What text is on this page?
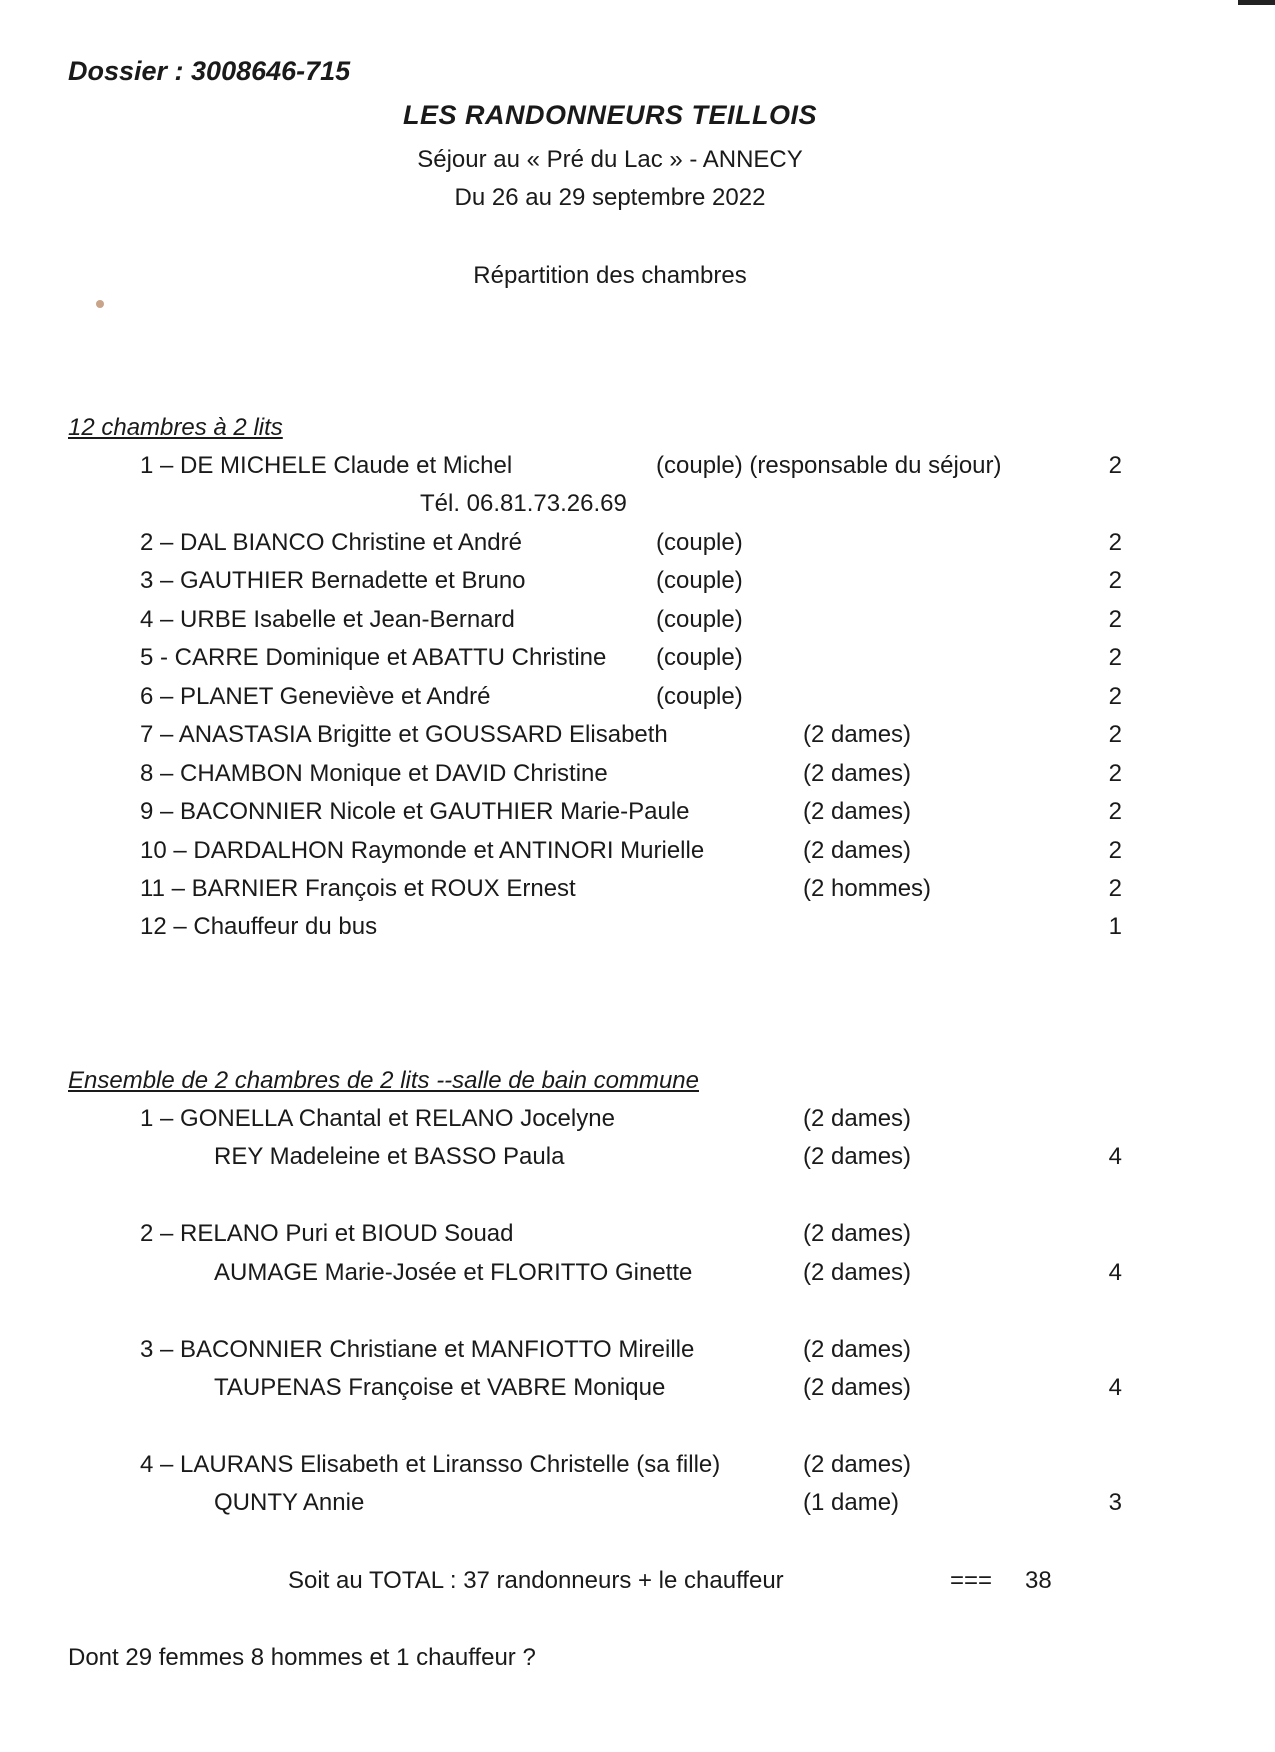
Dossier : 3008646-715
LES RANDONNEURS TEILLOIS
Séjour au « Pré du Lac » - ANNECY
Du 26 au 29 septembre 2022
Répartition des chambres
12 chambres à 2 lits
1 – DE MICHELE Claude et Michel	(couple) (responsable du séjour)	2
Tél. 06.81.73.26.69
2 – DAL BIANCO Christine et André	(couple)	2
3 – GAUTHIER Bernadette et Bruno	(couple)	2
4 – URBE Isabelle et Jean-Bernard	(couple)	2
5 - CARRE Dominique et ABATTU Christine (couple)	2
6 – PLANET Geneviève et André	(couple)	2
7 – ANASTASIA Brigitte et GOUSSARD Elisabeth	(2 dames)	2
8 – CHAMBON Monique et DAVID Christine	(2 dames)	2
9 – BACONNIER Nicole et GAUTHIER Marie-Paule	(2 dames)	2
10 – DARDALHON Raymonde et ANTINORI Murielle	(2 dames)	2
11 – BARNIER François et ROUX Ernest	(2 hommes)	2
12 – Chauffeur du bus	1
Ensemble de 2 chambres de 2 lits --salle de bain commune
1 – GONELLA Chantal et RELANO Jocelyne	(2 dames)
REY Madeleine et BASSO Paula	(2 dames)	4
2 – RELANO Puri et BIOUD Souad	(2 dames)
AUMAGE Marie-Josée et FLORITTO Ginette	(2 dames)	4
3 – BACONNIER Christiane et MANFIOTTO Mireille	(2 dames)
TAUPENAS Françoise et VABRE Monique	(2 dames)	4
4 – LAURANS Elisabeth et Liransso Christelle (sa fille)	(2 dames)
QUNTY Annie	(1 dame)	3
Soit au TOTAL : 37 randonneurs + le chauffeur	=== 38
Dont 29 femmes 8 hommes et 1 chauffeur ?
